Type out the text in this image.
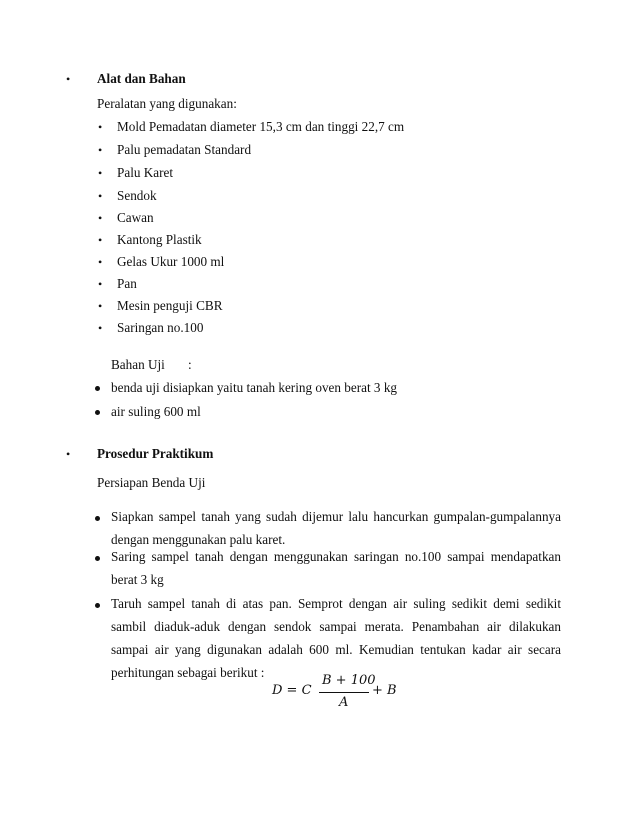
• Alat dan Bahan
Peralatan yang digunakan:
• Mold Pemadatan diameter 15,3 cm dan tinggi 22,7 cm
• Palu pemadatan Standard
• Palu Karet
• Sendok
• Cawan
• Kantong Plastik
• Gelas Ukur 1000 ml
• Pan
• Mesin penguji CBR
• Saringan no.100
Bahan Uji :
benda uji disiapkan yaitu tanah kering oven berat 3 kg
air suling 600 ml
• Prosedur Praktikum
Persiapan Benda Uji
Siapkan sampel tanah yang sudah dijemur lalu hancurkan gumpalan-gumpalannya dengan menggunakan palu karet.
Saring sampel tanah dengan menggunakan saringan no.100 sampai mendapatkan berat 3 kg
Taruh sampel tanah di atas pan. Semprot dengan air suling sedikit demi sedikit sambil diaduk-aduk dengan sendok sampai merata. Penambahan air dilakukan sampai air yang digunakan adalah 600 ml. Kemudian tentukan kadar air secara perhitungan sebagai berikut :
D = C
B + 100
A
+ B
